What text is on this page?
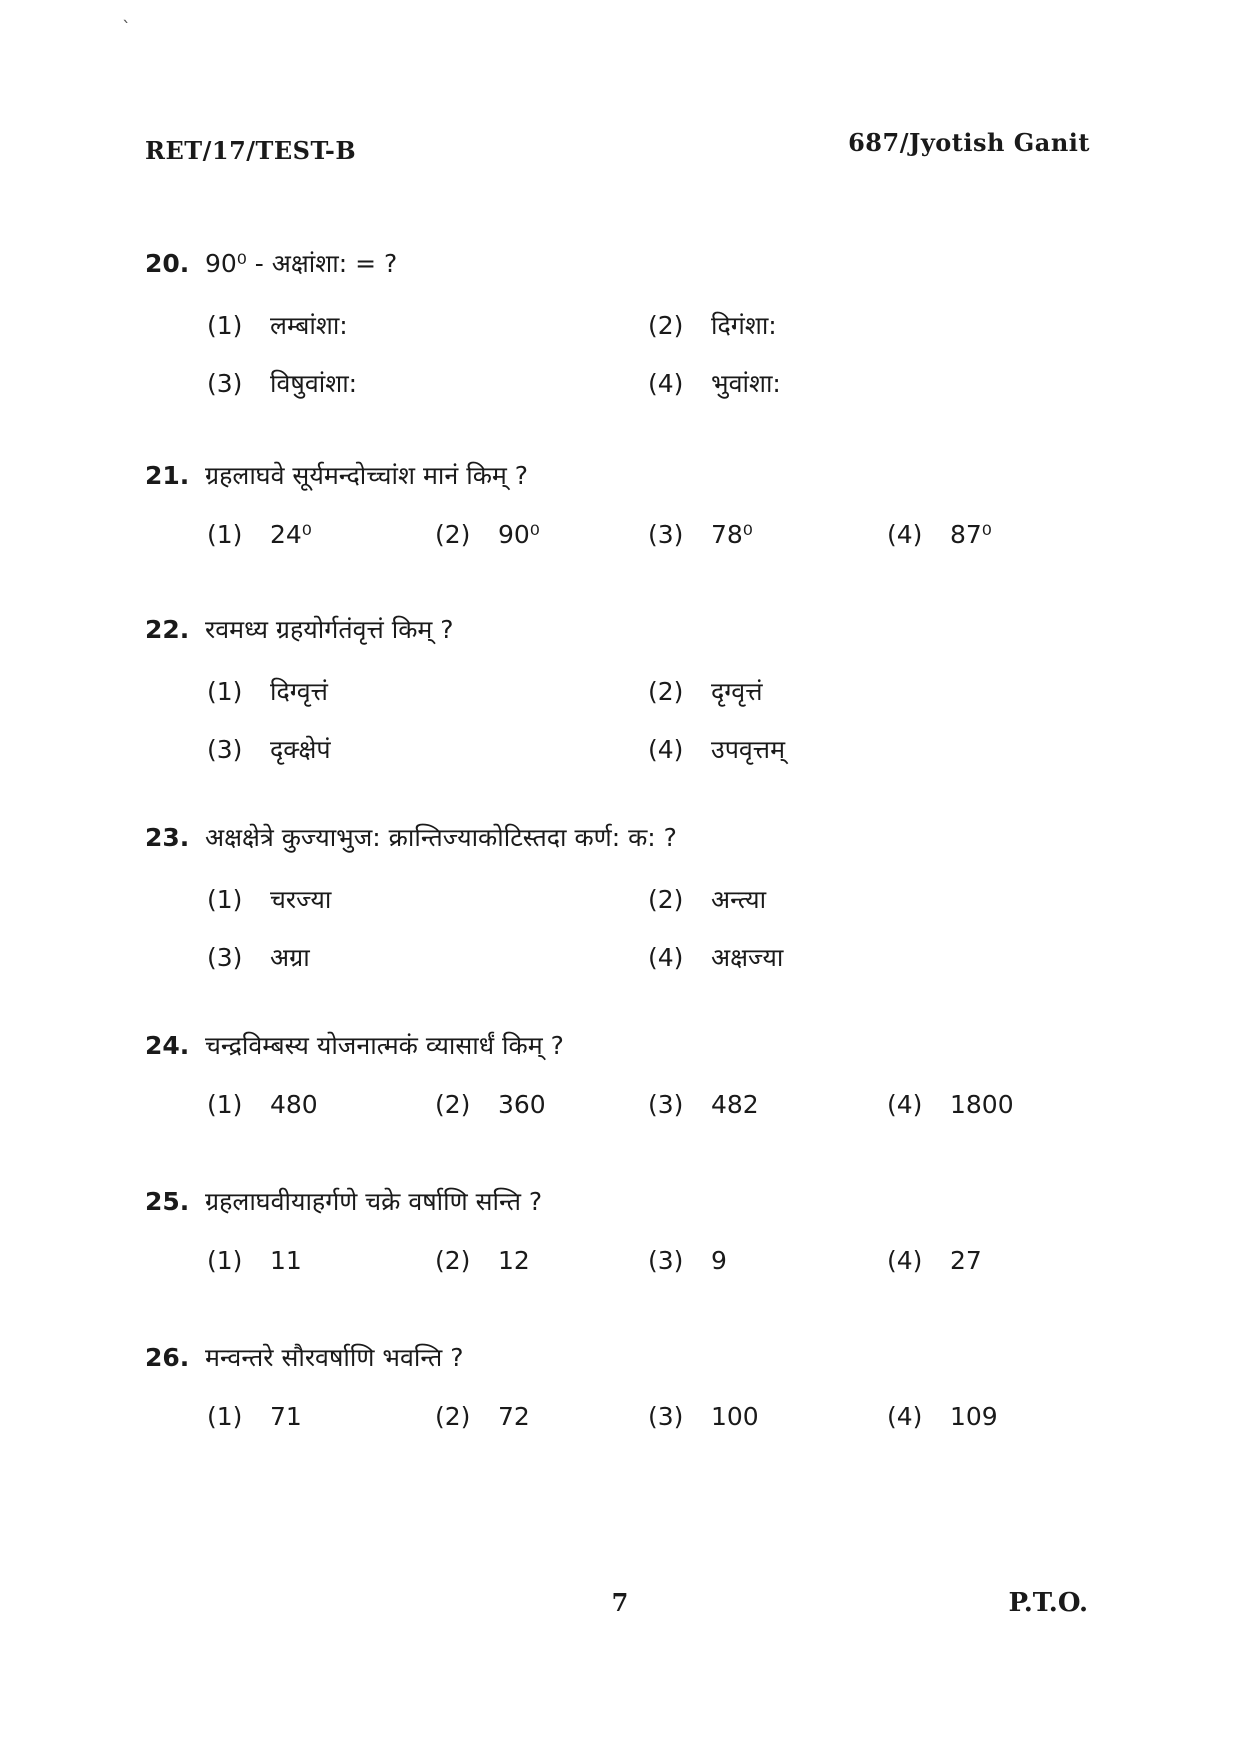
ˋ
RET/17/TEST-B	687/Jyotish Ganit
20. 90⁰ - अक्षांशा: = ?
(1)	लम्बांशा:	(2)	दिगंशा:
(3)	विषुवांशा:	(4)	भुवांशा:
21. ग्रहलाघवे सूर्यमन्दोच्चांश मानं किम् ?
(1)	24⁰	(2)	90⁰	(3)	78⁰	(4)	87⁰
22. रवमध्य ग्रहयोर्गतंवृत्तं किम् ?
(1)	दिग्वृत्तं	(2)	दृग्वृत्तं
(3)	दृक्क्षेपं	(4)	उपवृत्तम्
23. अक्षक्षेत्रे कुज्याभुज: क्रान्तिज्याकोटिस्तदा कर्ण: क: ?
(1)	चरज्या	(2)	अन्त्या
(3)	अग्रा	(4)	अक्षज्या
24. चन्द्रविम्बस्य योजनात्मकं व्यासार्धं किम् ?
(1)	480	(2)	360	(3)	482	(4)	1800
25. ग्रहलाघवीयाहर्गणे चक्रे वर्षाणि सन्ति ?
(1)	11	(2)	12	(3)	9	(4)	27
26. मन्वन्तरे सौरवर्षाणि भवन्ति ?
(1)	71	(2)	72	(3)	100	(4)	109
7	P.T.O.
